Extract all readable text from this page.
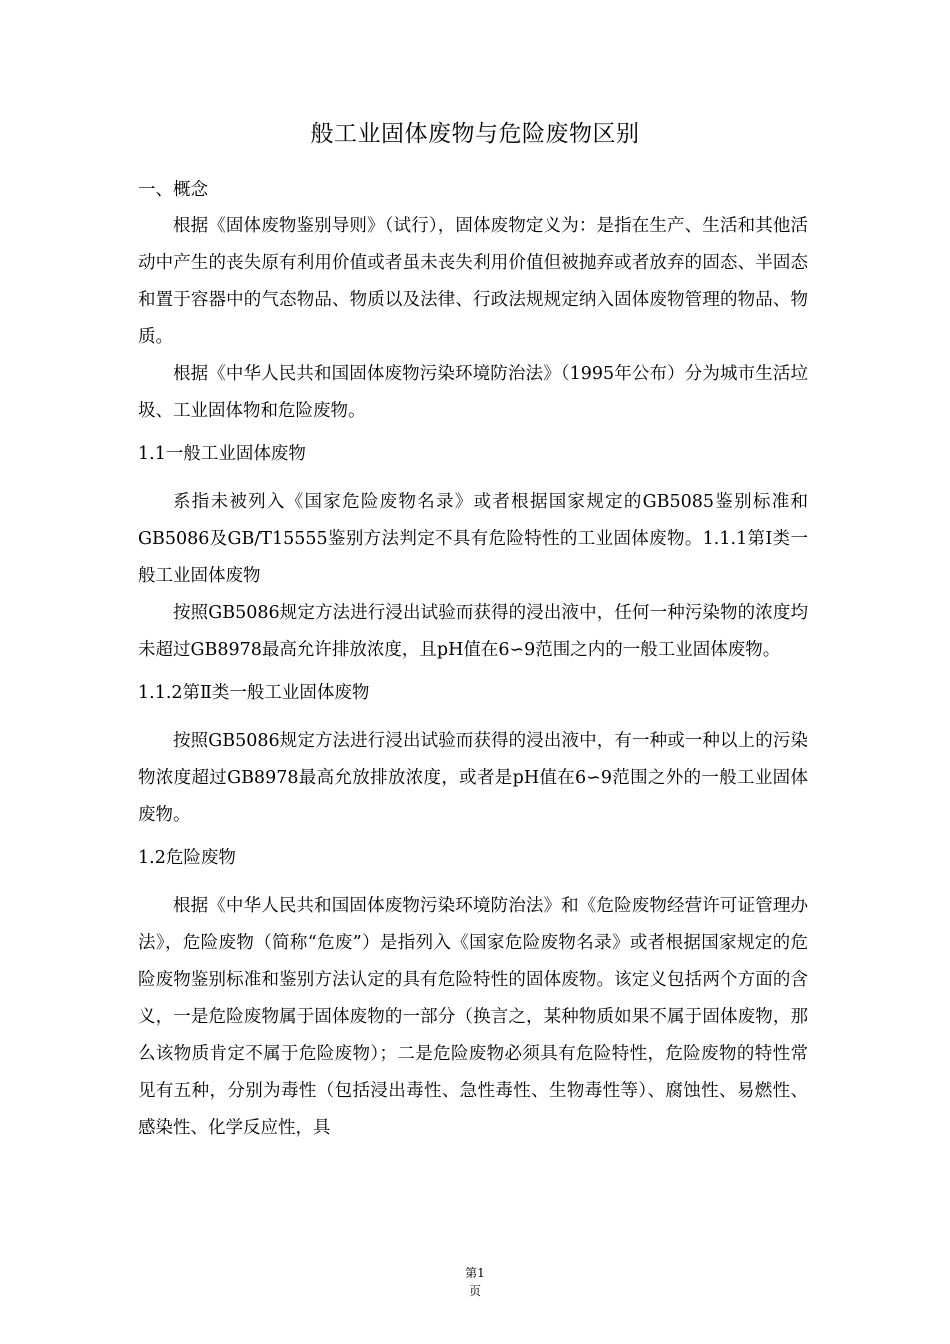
般工业固体废物与危险废物区别
一、概念

根据《固体废物鉴别导则》（试行），固体废物定义为：是指在生产、生活和其他活动中产生的丧失原有利用价值或者虽未丧失利用价值但被抛弃或者放弃的固态、半固态和置于容器中的气态物品、物质以及法律、行政法规规定纳入固体废物管理的物品、物质。

根据《中华人民共和国固体废物污染环境防治法》（1995年公布）分为城市生活垃圾、工业固体物和危险废物。

1.1一般工业固体废物

系指未被列入《国家危险废物名录》或者根据国家规定的GB5085鉴别标准和GB5086及GB/T15555鉴别方法判定不具有危险特性的工业固体废物。1.1.1第Ⅰ类一般工业固体废物

按照GB5086规定方法进行浸出试验而获得的浸出液中，任何一种污染物的浓度均未超过GB8978最高允许排放浓度，且pH值在6∽9范围之内的一般工业固体废物。

1.1.2第Ⅱ类一般工业固体废物

按照GB5086规定方法进行浸出试验而获得的浸出液中，有一种或一种以上的污染物浓度超过GB8978最高允放排放浓度，或者是pH值在6∽9范围之外的一般工业固体废物。

1.2危险废物

根据《中华人民共和国固体废物污染环境防治法》和《危险废物经营许可证管理办法》，危险废物（简称“危废”）是指列入《国家危险废物名录》或者根据国家规定的危险废物鉴别标准和鉴别方法认定的具有危险特性的固体废物。该定义包括两个方面的含义，一是危险废物属于固体废物的一部分（换言之，某种物质如果不属于固体废物，那么该物质肯定不属于危险废物）；二是危险废物必须具有危险特性，危险废物的特性常见有五种，分别为毒性（包括浸出毒性、急性毒性、生物毒性等）、腐蚀性、易燃性、感染性、化学反应性，具

第1
页
